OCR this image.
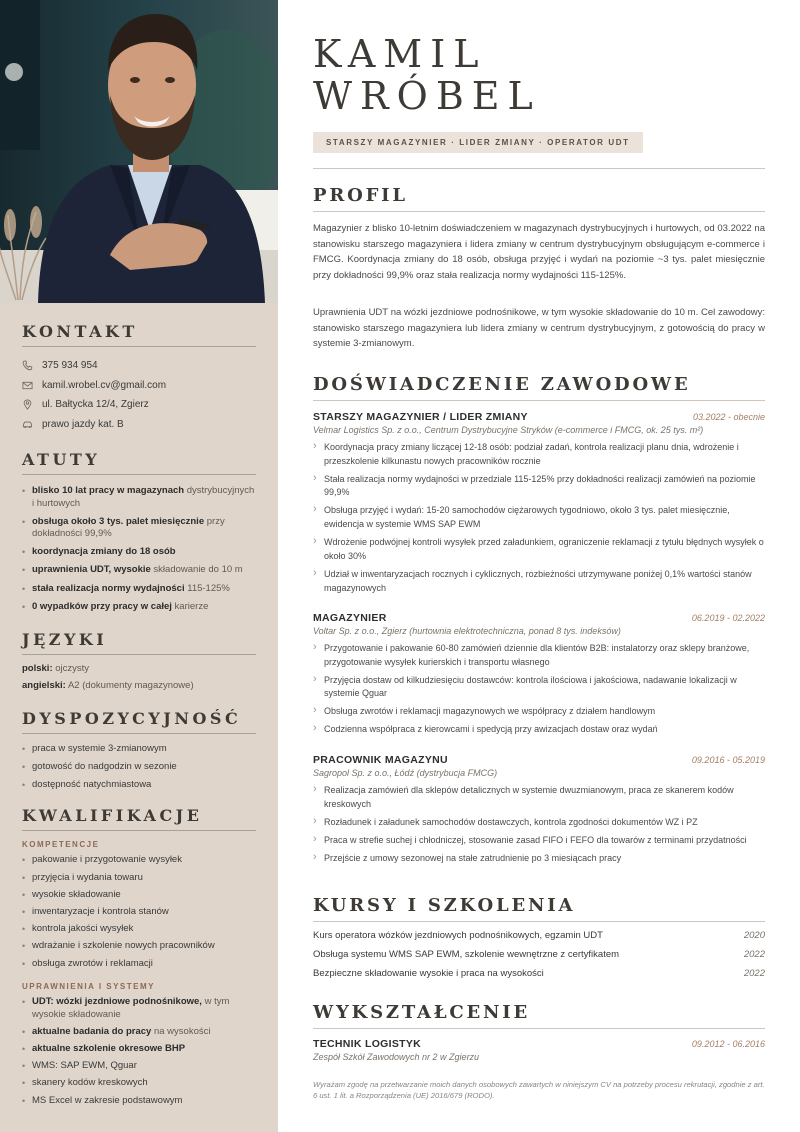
KONTAKT
375 934 954
kamil.wrobel.cv@gmail.com
ul. Bałtycka 12/4, Zgierz
prawo jazdy kat. B
ATUTY
• blisko 10 lat pracy w magazynach dystrybucyjnych i hurtowych
• obsługa około 3 tys. palet miesięcznie przy dokładności 99,9%
• koordynacja zmiany do 18 osób
• uprawnienia UDT, wysokie składowanie do 10 m
• stała realizacja normy wydajności 115-125%
• 0 wypadków przy pracy w całej karierze
JĘZYKI
polski: ojczysty
angielski: A2 (dokumenty magazynowe)
DYSPOZYCYJNOŚĆ
• praca w systemie 3-zmianowym
• gotowość do nadgodzin w sezonie
• dostępność natychmiastowa
KWALIFIKACJE

KOMPETENCJE

• pakowanie i przygotowanie wysyłek
• przyjęcia i wydania towaru
• wysokie składowanie
• inwentaryzacje i kontrola stanów
• kontrola jakości wysyłek
• wdrażanie i szkolenie nowych pracowników
• obsługa zwrotów i reklamacji

UPRAWNIENIA I SYSTEMY

• UDT: wózki jezdniowe podnośnikowe, w tym wysokie składowanie
• aktualne badania do pracy na wysokości
• aktualne szkolenie okresowe BHP
• WMS: SAP EWM, Qguar
• skanery kodów kreskowych
• MS Excel w zakresie podstawowym
KAMIL
WRÓBEL
STARSZY MAGAZYNIER · LIDER ZMIANY · OPERATOR UDT
PROFIL

Magazynier z blisko 10-letnim doświadczeniem w magazynach dystrybucyjnych i hurtowych, od 03.2022 na stanowisku starszego magazyniera i lidera zmiany w centrum dystrybucyjnym obsługującym e-commerce i FMCG. Koordynacja zmiany do 18 osób, obsługa przyjęć i wydań na poziomie ~3 tys. palet miesięcznie przy dokładności 99,9% oraz stała realizacja normy wydajności 115-125%.

Uprawnienia UDT na wózki jezdniowe podnośnikowe, w tym wysokie składowanie do 10 m. Cel zawodowy: stanowisko starszego magazyniera lub lidera zmiany w centrum dystrybucyjnym, z gotowością do pracy w systemie 3-zmianowym.

DOŚWIADCZENIE ZAWODOWE
STARSZY MAGAZYNIER / LIDER ZMIANY	03.2022 - obecnie
Velmar Logistics Sp. z o.o., Centrum Dystrybucyjne Stryków (e-commerce i FMCG, ok. 25 tys. m²)
› Koordynacja pracy zmiany liczącej 12-18 osób: podział zadań, kontrola realizacji planu dnia, wdrożenie i przeszkolenie kilkunastu nowych pracowników rocznie
› Stała realizacja normy wydajności w przedziale 115-125% przy dokładności realizacji zamówień na poziomie 99,9%
› Obsługa przyjęć i wydań: 15-20 samochodów ciężarowych tygodniowo, około 3 tys. palet miesięcznie, ewidencja w systemie WMS SAP EWM
› Wdrożenie podwójnej kontroli wysyłek przed załadunkiem, ograniczenie reklamacji z tytułu błędnych wysyłek o około 30%
› Udział w inwentaryzacjach rocznych i cyklicznych, rozbieżności utrzymywane poniżej 0,1% wartości stanów magazynowych
MAGAZYNIER	06.2019 - 02.2022
Voltar Sp. z o.o., Zgierz (hurtownia elektrotechniczna, ponad 8 tys. indeksów)
› Przygotowanie i pakowanie 60-80 zamówień dziennie dla klientów B2B: instalatorzy oraz sklepy branżowe, przygotowanie wysyłek kurierskich i transportu własnego
› Przyjęcia dostaw od kilkudziesięciu dostawców: kontrola ilościowa i jakościowa, nadawanie lokalizacji w systemie Qguar
› Obsługa zwrotów i reklamacji magazynowych we współpracy z działem handlowym
› Codzienna współpraca z kierowcami i spedycją przy awizacjach dostaw oraz wydań
PRACOWNIK MAGAZYNU	09.2016 - 05.2019
Sagropol Sp. z o.o., Łódź (dystrybucja FMCG)
› Realizacja zamówień dla sklepów detalicznych w systemie dwuzmianowym, praca ze skanerem kodów kreskowych
› Rozładunek i załadunek samochodów dostawczych, kontrola zgodności dokumentów WZ i PZ
› Praca w strefie suchej i chłodniczej, stosowanie zasad FIFO i FEFO dla towarów z terminami przydatności
› Przejście z umowy sezonowej na stałe zatrudnienie po 3 miesiącach pracy
KURSY I SZKOLENIA
Kurs operatora wózków jezdniowych podnośnikowych, egzamin UDT	2020
Obsługa systemu WMS SAP EWM, szkolenie wewnętrzne z certyfikatem	2022
Bezpieczne składowanie wysokie i praca na wysokości	2022
WYKSZTAŁCENIE
TECHNIK LOGISTYK	09.2012 - 06.2016
Zespół Szkół Zawodowych nr 2 w Zgierzu

Wyrażam zgodę na przetwarzanie moich danych osobowych zawartych w niniejszym CV na potrzeby procesu rekrutacji, zgodnie z art. 6 ust. 1 lit. a Rozporządzenia (UE) 2016/679 (RODO).
